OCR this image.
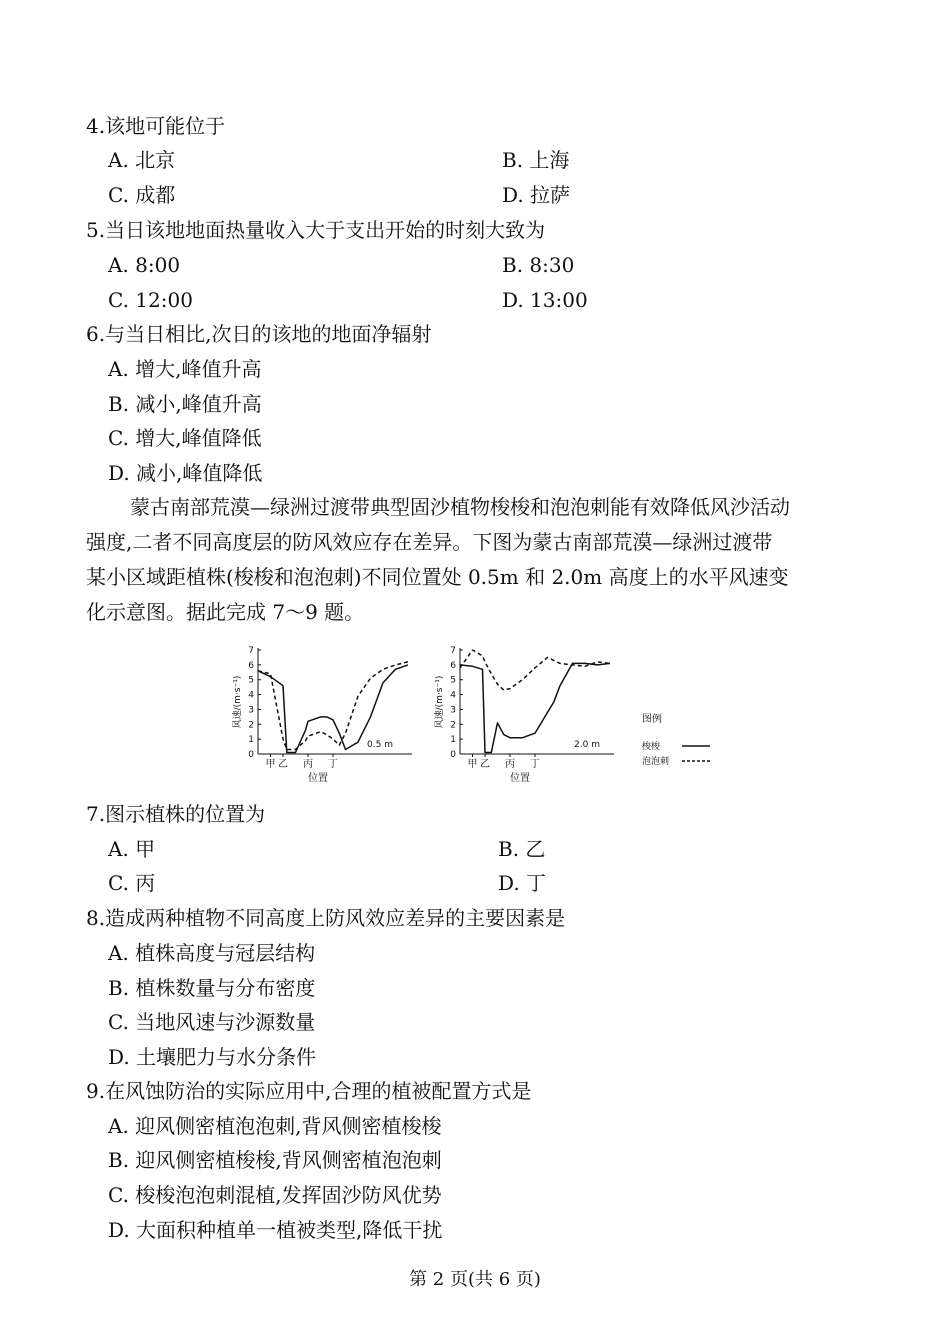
4.该地可能位于
A. 北京	B. 上海
C. 成都	D. 拉萨
5.当日该地地面热量收入大于支出开始的时刻大致为
A. 8:00	B. 8:30
C. 12:00	D. 13:00
6.与当日相比,次日的该地的地面净辐射
A. 增大,峰值升高
B. 减小,峰值升高
C. 增大,峰值降低
D. 减小,峰值降低

蒙古南部荒漠—绿洲过渡带典型固沙植物梭梭和泡泡刺能有效降低风沙活动

强度,二者不同高度层的防风效应存在差异。下图为蒙古南部荒漠—绿洲过渡带

某小区域距植株(梭梭和泡泡刺)不同位置处 0.5m 和 2.0m 高度上的水平风速变

化示意图。据此完成 7～9 题。

0
1
2
3
4
5
6
7
甲 乙 丙 丁
风速/(m·s⁻¹)
位置
0.5 m
0
1
2
3
4
5
6
7
甲 乙 丙 丁
风速/(m·s⁻¹)
位置
2.0 m
图例
梭梭
泡泡刺
7.图示植株的位置为
A. 甲	B. 乙
C. 丙	D. 丁
8.造成两种植物不同高度上防风效应差异的主要因素是
A. 植株高度与冠层结构
B. 植株数量与分布密度
C. 当地风速与沙源数量
D. 土壤肥力与水分条件
9.在风蚀防治的实际应用中,合理的植被配置方式是
A. 迎风侧密植泡泡刺,背风侧密植梭梭
B. 迎风侧密植梭梭,背风侧密植泡泡刺
C. 梭梭泡泡刺混植,发挥固沙防风优势
D. 大面积种植单一植被类型,降低干扰
第 2 页(共 6 页)
